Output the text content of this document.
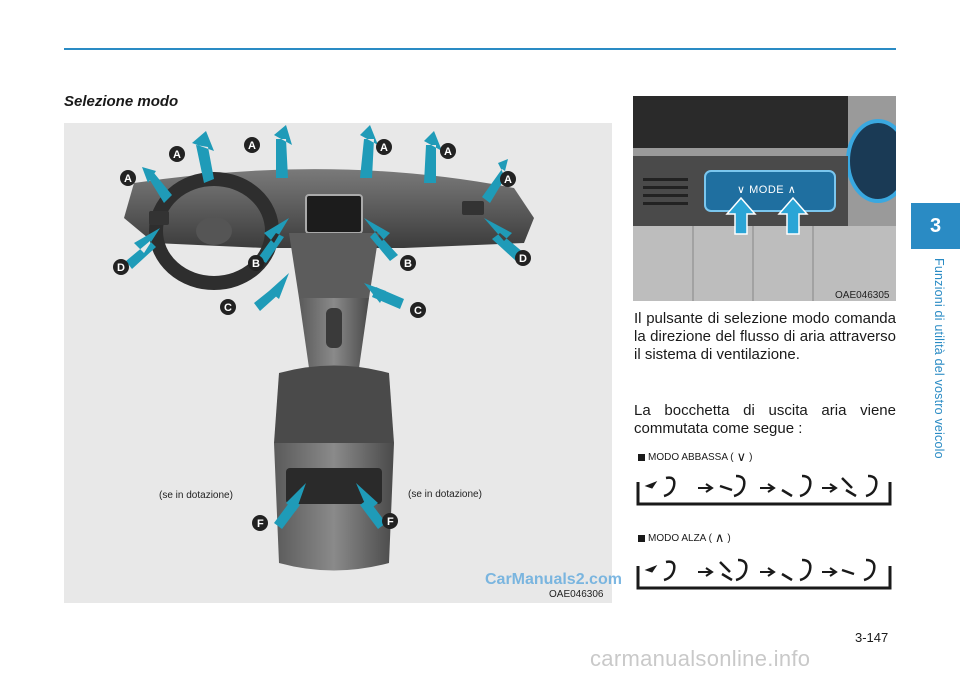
Selezione modo
A
A	A	A
A	A
B	B
C	C
D
D
F	F
(se in dotazione)	(se in dotazione)
OAE046306
∨ MODE ∧
OAE046305
Il pulsante di selezione modo comanda la direzione del flusso di aria attraverso il sistema di ventilazione.
La bocchetta di uscita aria viene commutata come segue :
MODO ABBASSA ( ∨ )
MODO ALZA ( ∧ )
3
Funzioni di utilità del vostro veicolo
3-147
CarManuals2.com
carmanualsonline.info
